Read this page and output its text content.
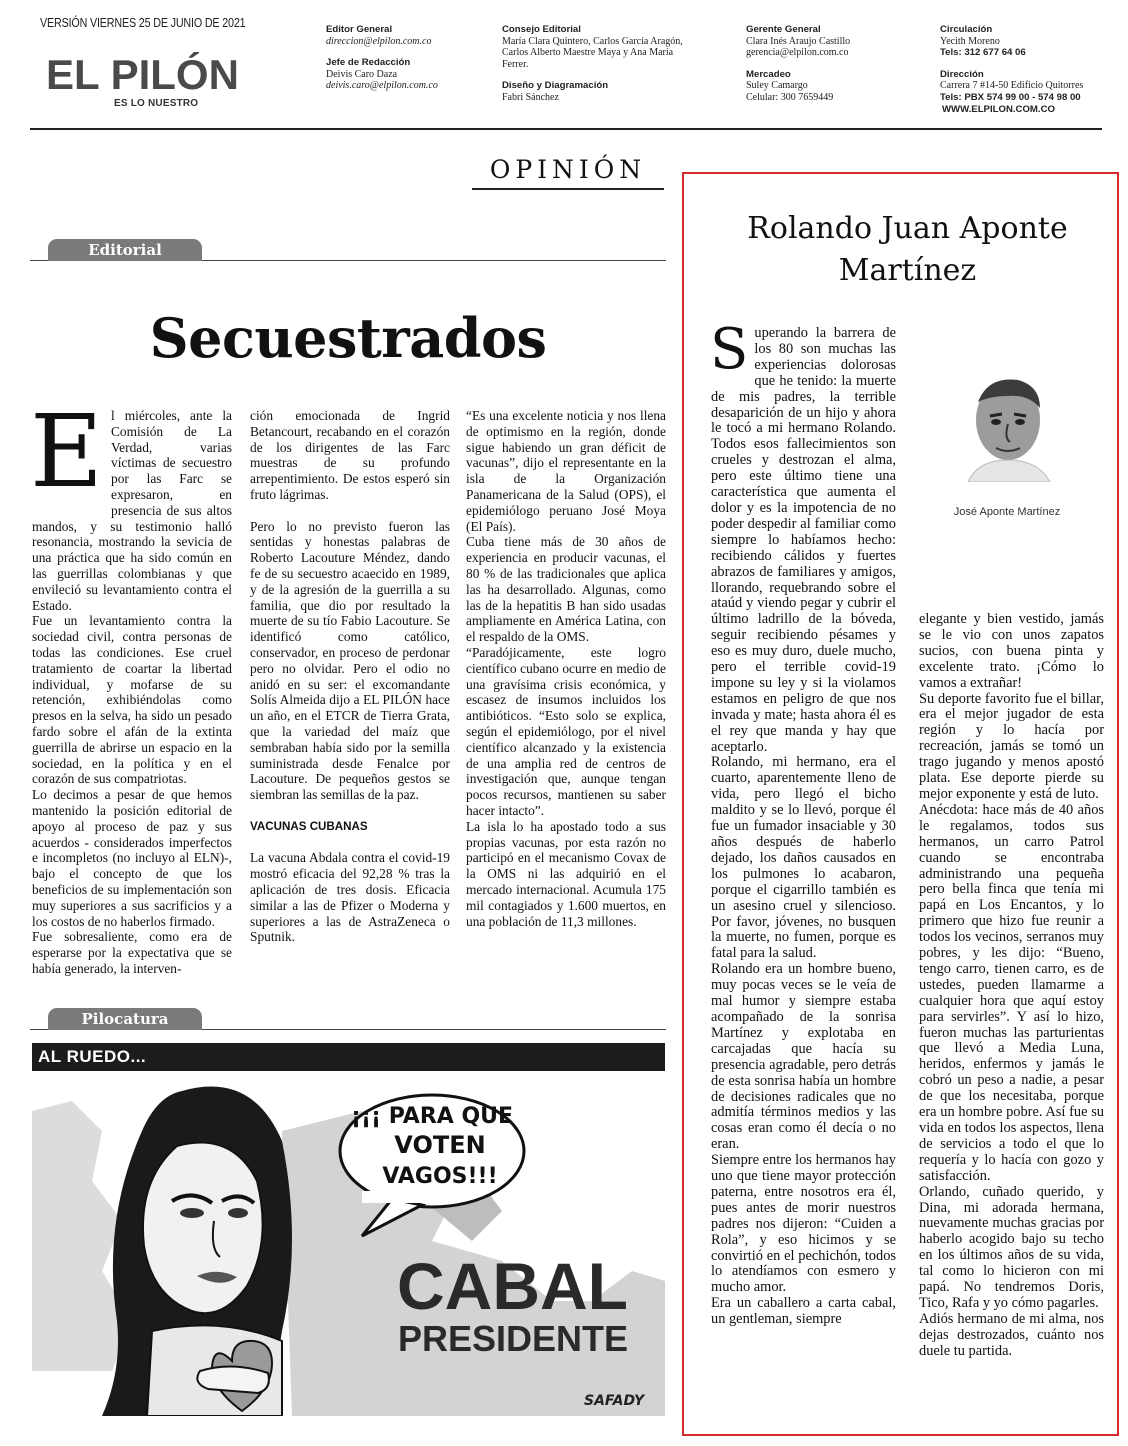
VERSIÓN VIERNES 25 DE JUNIO DE 2021
EL PILÓN
ES LO NUESTRO
Editor General
direccion@elpilon.com.co
Jefe de Redacción
Deivis Caro Daza
deivis.caro@elpilon.com.co
Consejo Editorial
María Clara Quintero, Carlos García Aragón,
Carlos Alberto Maestre Maya y Ana María
Ferrer.
Diseño y Diagramación
Fabri Sánchez
Gerente General
Clara Inés Araujo Castillo
gerencia@elpilon.com.co
Mercadeo
Suley Camargo
Celular: 300 7659449
Circulación
Yecith Moreno
Tels: 312 677 64 06
Dirección
Carrera 7 #14-50 Edificio Quitorres
Tels: PBX 574 99 00 - 574 98 00
WWW.ELPILON.COM.CO
OPINIÓN
Editorial
Secuestrados
E l miércoles, ante la Comisión de La Verdad, varias víctimas de secuestro por las Farc se expresaron, en presencia de sus altos mandos, y su testimonio halló resonancia, mostrando la sevicia de una práctica que ha sido común en las guerrillas colombianas y que envileció su levantamiento contra el Estado.

Fue un levantamiento contra la sociedad civil, contra personas de todas las condiciones. Ese cruel tratamiento de coartar la libertad individual, y mofarse de su retención, exhibiéndolas como presos en la selva, ha sido un pesado fardo sobre el afán de la extinta guerrilla de abrirse un espacio en la sociedad, en la política y en el corazón de sus compatriotas.

Lo decimos a pesar de que hemos mantenido la posición editorial de apoyo al proceso de paz y sus acuerdos - considerados imperfectos e incompletos (no incluyo al ELN)-, bajo el concepto de que los beneficios de su implementación son muy superiores a sus sacrificios y a los costos de no haberlos firmado.

Fue sobresaliente, como era de esperarse por la expectativa que se había generado, la interven-

ción emocionada de Ingrid Betancourt, recabando en el corazón de los dirigentes de las Farc muestras de su profundo arrepentimiento. De estos esperó sin fruto lágrimas.

Pero lo no previsto fueron las sentidas y honestas palabras de Roberto Lacouture Méndez, dando fe de su secuestro acaecido en 1989, y de la agresión de la guerrilla a su familia, que dio por resultado la muerte de su tío Fabio Lacouture. Se identificó como católico, conservador, en proceso de perdonar pero no olvidar. Pero el odio no anidó en su ser: el excomandante Solís Almeida dijo a EL PILÓN hace un año, en el ETCR de Tierra Grata, que la variedad del maíz que sembraban había sido por la semilla suministrada desde Fenalce por Lacouture. De pequeños gestos se siembran las semillas de la paz.

VACUNAS CUBANAS

La vacuna Abdala contra el covid-19 mostró eficacia del 92,28 % tras la aplicación de tres dosis. Eficacia similar a las de Pfizer o Moderna y superiores a las de AstraZeneca o Sputnik.

“Es una excelente noticia y nos llena de optimismo en la región, donde sigue habiendo un gran déficit de vacunas”, dijo el representante en la isla de la Organización Panamericana de la Salud (OPS), el epidemiólogo peruano José Moya (El País).

Cuba tiene más de 30 años de experiencia en producir vacunas, el 80 % de las tradicionales que aplica las ha desarrollado. Algunas, como las de la hepatitis B han sido usadas ampliamente en América Latina, con el respaldo de la OMS.

“Paradójicamente, este logro científico cubano ocurre en medio de una gravísima crisis económica, y escasez de insumos incluidos los antibióticos. “Esto solo se explica, según el epidemiólogo, por el nivel científico alcanzado y la existencia de una amplia red de centros de investigación que, aunque tengan pocos recursos, mantienen su saber hacer intacto”.

La isla lo ha apostado todo a sus propias vacunas, por esta razón no participó en el mecanismo Covax de la OMS ni las adquirió en el mercado internacional. Acumula 175 mil contagiados y 1.600 muertos, en una población de 11,3 millones.

Pilocatura
AL RUEDO...
¡¡¡ PARA QUE
VOTEN
VAGOS!!!
CABAL
PRESIDENTE
SAFADY
Rolando Juan Aponte
Martínez
S uperando la barrera de los 80 son muchas las experiencias dolorosas que he tenido: la muerte de mis padres, la terrible desaparición de un hijo y ahora le tocó a mi hermano Rolando. Todos esos fallecimientos son crueles y destrozan el alma, pero este último tiene una característica que aumenta el dolor y es la impotencia de no poder despedir al familiar como siempre lo habíamos hecho: recibiendo cálidos y fuertes abrazos de familiares y amigos, llorando, requebrando sobre el ataúd y viendo pegar y cubrir el último ladrillo de la bóveda, seguir recibiendo pésames y eso es muy duro, duele mucho, pero el terrible covid-19 impone su ley y si la violamos estamos en peligro de que nos invada y mate; hasta ahora él es el rey que manda y hay que aceptarlo.

Rolando, mi hermano, era el cuarto, aparentemente lleno de vida, pero llegó el bicho maldito y se lo llevó, porque él fue un fumador insaciable y 30 años después de haberlo dejado, los daños causados en los pulmones lo acabaron, porque el cigarrillo también es un asesino cruel y silencioso. Por favor, jóvenes, no busquen la muerte, no fumen, porque es fatal para la salud.

Rolando era un hombre bueno, muy pocas veces se le veía de mal humor y siempre estaba acompañado de la sonrisa Martínez y explotaba en carcajadas que hacía su presencia agradable, pero detrás de esta sonrisa había un hombre de decisiones radicales que no admitía términos medios y las cosas eran como él decía o no eran.

Siempre entre los hermanos hay uno que tiene mayor protección paterna, entre nosotros era él, pues antes de morir nuestros padres nos dijeron: “Cuiden a Rola”, y eso hicimos y se convirtió en el pechichón, todos lo atendíamos con esmero y mucho amor.

Era un caballero a carta cabal, un gentleman, siempre

José Aponte Martínez

elegante y bien vestido, jamás se le vio con unos zapatos sucios, con buena pinta y excelente trato. ¡Cómo lo vamos a extrañar!

Su deporte favorito fue el billar, era el mejor jugador de esta región y lo hacía por recreación, jamás se tomó un trago jugando y menos apostó plata. Ese deporte pierde su mejor exponente y está de luto.

Anécdota: hace más de 40 años le regalamos, todos sus hermanos, un carro Patrol cuando se encontraba administrando una pequeña pero bella finca que tenía mi papá en Los Encantos, y lo primero que hizo fue reunir a todos los vecinos, serranos muy pobres, y les dijo: “Bueno, tengo carro, tienen carro, es de ustedes, pueden llamarme a cualquier hora que aquí estoy para servirles”. Y así lo hizo, fueron muchas las parturientas que llevó a Media Luna, heridos, enfermos y jamás le cobró un peso a nadie, a pesar de que los necesitaba, porque era un hombre pobre. Así fue su vida en todos los aspectos, llena de servicios a todo el que lo requería y lo hacía con gozo y satisfacción.

Orlando, cuñado querido, y Dina, mi adorada hermana, nuevamente muchas gracias por haberlo acogido bajo su techo en los últimos años de su vida, tal como lo hicieron con mi papá. No tendremos Doris, Tico, Rafa y yo cómo pagarles.

Adiós hermano de mi alma, nos dejas destrozados, cuánto nos duele tu partida.
